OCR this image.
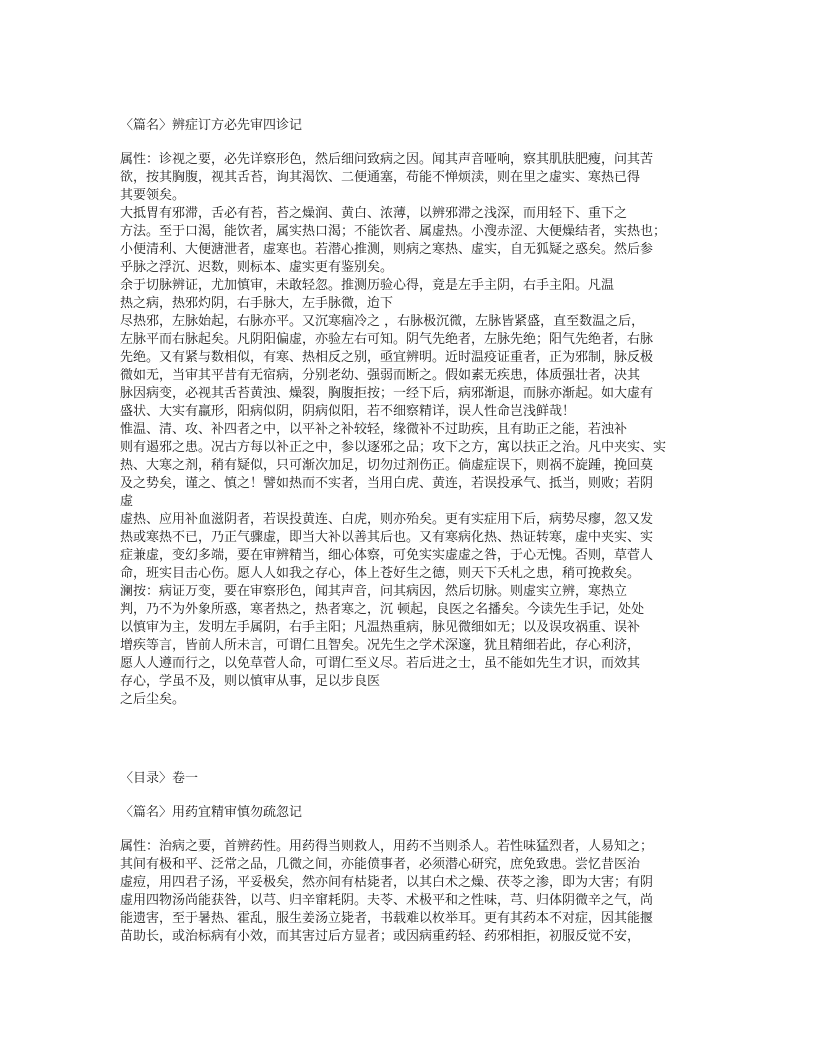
〈篇名〉辨症订方必先审四诊记
属性：诊视之要，必先详察形色，然后细问致病之因。闻其声音哑响，察其肌肤肥瘦，问其苦
欲，按其胸腹，视其舌苔，询其渴饮、二便通塞，苟能不惮烦渎，则在里之虚实、寒热已得
其要领矣。
大抵胃有邪滞，舌必有苔，苔之燥润、黄白、浓薄，以辨邪滞之浅深，而用轻下、重下之
方法。至于口渴，能饮者，属实热口渴；不能饮者、属虚热。小溲赤涩、大便燥结者，实热也；
小便清利、大便溏泄者，虚寒也。若潜心推测，则病之寒热、虚实，自无狐疑之惑矣。然后参
乎脉之浮沉、迟数，则标本、虚实更有鉴别矣。
余于切脉辨证，尤加慎审，未敢轻忽。推测历验心得，竟是左手主阴，右手主阳。凡温
热之病，热邪灼阴，右手脉大，左手脉微，迨下
尽热邪，左脉始起，右脉亦平。又沉寒痼冷之 ，右脉极沉微，左脉皆紧盛，直至数温之后，
左脉平而右脉起矣。凡阴阳偏虚，亦验左右可知。阴气先绝者，左脉先绝；阳气先绝者，右脉
先绝。又有紧与数相似，有寒、热相反之别，亟宜辨明。近时温疫证重者，正为邪制，脉反极
微如无，当审其平昔有无宿病，分别老幼、强弱而断之。假如素无疾患，体质强壮者，决其
脉因病变，必视其舌苔黄浊、燥裂，胸腹拒按；一经下后，病邪渐退，而脉亦渐起。如大虚有
盛状、大实有羸形，阳病似阴，阴病似阳，若不细察精详，误人性命岂浅鲜哉！
惟温、清、攻、补四者之中，以平补之补较轻，缘微补不过助疾，且有助正之能，若浊补
则有遏邪之患。况古方每以补正之中，参以逐邪之品；攻下之方，寓以扶正之治。凡中夹实、实
热、大寒之剂，稍有疑似，只可渐次加足，切勿过剂伤正。倘虚症误下，则祸不旋踵，挽回莫
及之势矣，谨之、慎之！譬如热而不实者，当用白虎、黄连，若误投承气、抵当，则败；若阴
虚
虚热、应用补血滋阴者，若误投黄连、白虎，则亦殆矣。更有实症用下后，病势尽瘳，忽又发
热或寒热不已，乃正气骤虚，即当大补以善其后也。又有寒病化热、热证转寒，虚中夹实、实
症兼虚，变幻多端，要在审辨精当，细心体察，可免实实虚虚之咎，于心无愧。否则，草菅人
命，班实目击心伤。愿人人如我之存心，体上苍好生之德，则天下夭札之患，稍可挽救矣。
澜按：病证万变，要在审察形色，闻其声音，问其病因，然后切脉。则虚实立辨，寒热立
判，乃不为外象所惑，寒者热之，热者寒之，沉 顿起，良医之名播矣。今读先生手记，处处
以慎审为主，发明左手属阴，右手主阳；凡温热重病，脉见微细如无；以及误攻祸重、误补
增疾等言，皆前人所未言，可谓仁且智矣。况先生之学术深邃，犹且精细若此，存心利济，
愿人人遵而行之，以免草菅人命，可谓仁至义尽。若后进之士，虽不能如先生才识，而效其
存心，学虽不及，则以慎审从事，足以步良医
之后尘矣。
〈目录〉卷一
〈篇名〉用药宜精审慎勿疏忽记
属性：治病之要，首辨药性。用药得当则救人，用药不当则杀人。若性味猛烈者，人易知之；
其间有极和平、泛常之品，几微之间，亦能偾事者，必须潜心研究，庶免致患。尝忆昔医治
虚痘，用四君子汤，平妥极矣，然亦间有枯毙者，以其白术之燥、茯苓之渗，即为大害；有阴
虚用四物汤尚能获咎，以芎、归辛窜耗阴。夫苓、术极平和之性味，芎、归体阴微辛之气，尚
能遗害，至于暑热、霍乱，服生姜汤立毙者，书载难以枚举耳。更有其药本不对症，因其能揠
苗助长，或治标病有小效，而其害过后方显者；或因病重药轻、药邪相拒，初服反觉不安，
